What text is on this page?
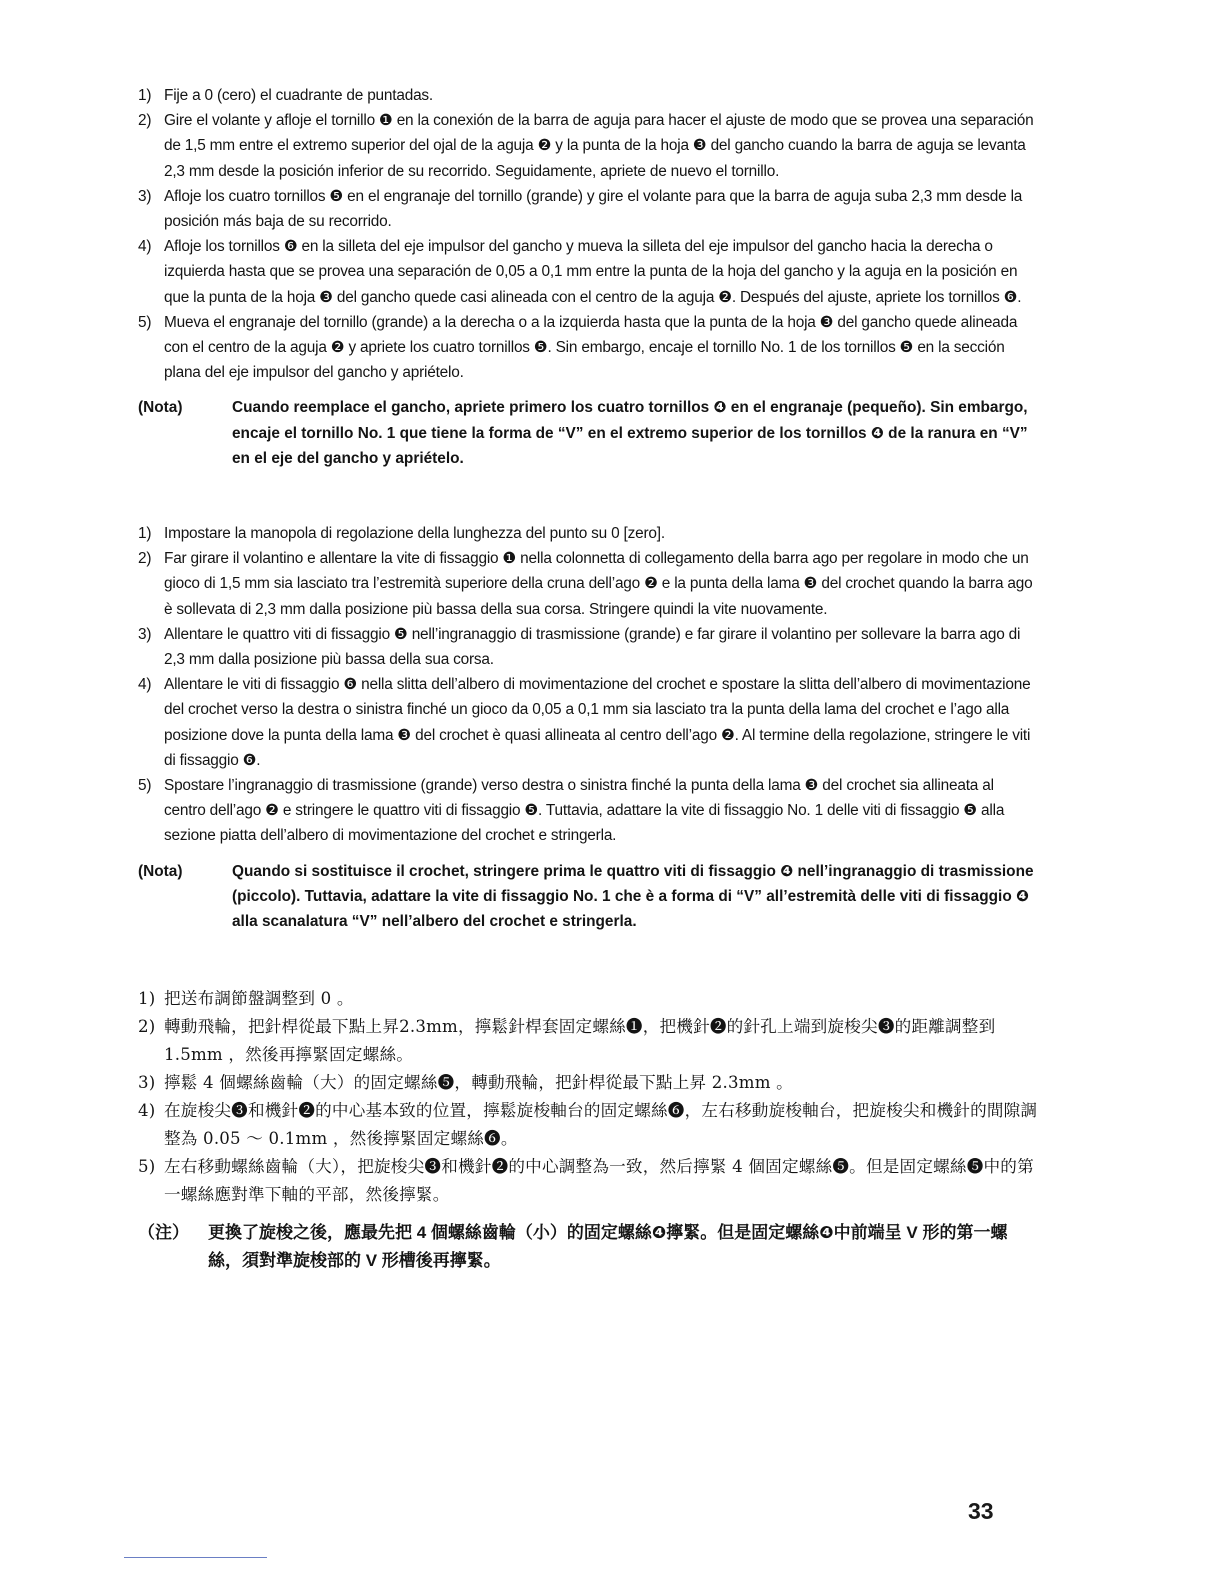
1) Fije a 0 (cero) el cuadrante de puntadas.
2) Gire el volante y afloje el tornillo ❶ en la conexión de la barra de aguja para hacer el ajuste de modo que se provea una separación de 1,5 mm entre el extremo superior del ojal de la aguja ❷ y la punta de la hoja ❸ del gancho cuando la barra de aguja se levanta 2,3 mm desde la posición inferior de su recorrido. Seguidamente, apriete de nuevo el tornillo.
3) Afloje los cuatro tornillos ❺ en el engranaje del tornillo (grande) y gire el volante para que la barra de aguja suba 2,3 mm desde la posición más baja de su recorrido.
4) Afloje los tornillos ❻ en la silleta del eje impulsor del gancho y mueva la silleta del eje impulsor del gancho hacia la derecha o izquierda hasta que se provea una separación de 0,05 a 0,1 mm entre la punta de la hoja del gancho y la aguja en la posición en que la punta de la hoja ❸ del gancho quede casi alineada con el centro de la aguja ❷. Después del ajuste, apriete los tornillos ❻.
5) Mueva el engranaje del tornillo (grande) a la derecha o a la izquierda hasta que la punta de la hoja ❸ del gancho quede alineada con el centro de la aguja ❷ y apriete los cuatro tornillos ❺. Sin embargo, encaje el tornillo No. 1 de los tornillos ❺ en la sección plana del eje impulsor del gancho y apriételo.
(Nota)	Cuando reemplace el gancho, apriete primero los cuatro tornillos ❹ en el engranaje (pequeño). Sin embargo, encaje el tornillo No. 1 que tiene la forma de “V” en el extremo superior de los tornillos ❹ de la ranura en “V” en el eje del gancho y apriételo.
1) Impostare la manopola di regolazione della lunghezza del punto su 0 [zero].
2) Far girare il volantino e allentare la vite di fissaggio ❶ nella colonnetta di collegamento della barra ago per regolare in modo che un gioco di 1,5 mm sia lasciato tra l’estremità superiore della cruna dell’ago ❷ e la punta della lama ❸ del crochet quando la barra ago è sollevata di 2,3 mm dalla posizione più bassa della sua corsa. Stringere quindi la vite nuovamente.
3) Allentare le quattro viti di fissaggio ❺ nell’ingranaggio di trasmissione (grande) e far girare il volantino per sollevare la barra ago di 2,3 mm dalla posizione più bassa della sua corsa.
4) Allentare le viti di fissaggio ❻ nella slitta dell’albero di movimentazione del crochet e spostare la slitta dell’albero di movimentazione del crochet verso la destra o sinistra finché un gioco da 0,05 a 0,1 mm sia lasciato tra la punta della lama del crochet e l’ago alla posizione dove la punta della lama ❸ del crochet è quasi allineata al centro dell’ago ❷. Al termine della regolazione, stringere le viti di fissaggio ❻.
5) Spostare l’ingranaggio di trasmissione (grande) verso destra o sinistra finché la punta della lama ❸ del crochet sia allineata al centro dell’ago ❷ e stringere le quattro viti di fissaggio ❺. Tuttavia, adattare la vite di fissaggio No. 1 delle viti di fissaggio ❺ alla sezione piatta dell’albero di movimentazione del crochet e stringerla.
(Nota)	Quando si sostituisce il crochet, stringere prima le quattro viti di fissaggio ❹ nell’ingranaggio di trasmissione (piccolo). Tuttavia, adattare la vite di fissaggio No. 1 che è a forma di “V” all’estremità delle viti di fissaggio ❹ alla scanalatura “V” nell’albero del crochet e stringerla.
1) 把送布調節盤調整到 0 。
2) 轉動飛輪，把針桿從最下點上昇2.3mm，擰鬆針桿套固定螺絲❶，把機針❷的針孔上端到旋梭尖❸的距離調整到 1.5mm ，然後再擰緊固定螺絲。
3) 擰鬆 4 個螺絲齒輪（大）的固定螺絲❺，轉動飛輪，把針桿從最下點上昇 2.3mm 。
4) 在旋梭尖❸和機針❷的中心基本致的位置，擰鬆旋梭軸台的固定螺絲❻，左右移動旋梭軸台，把旋梭尖和機針的間隙調整為 0.05 ～ 0.1mm ，然後擰緊固定螺絲❻。
5) 左右移動螺絲齒輪（大），把旋梭尖❸和機針❷的中心調整為一致，然后擰緊 4 個固定螺絲❺。但是固定螺絲❺中的第一螺絲應對準下軸的平部，然後擰緊。
（注） 更換了旋梭之後，應最先把 4 個螺絲齒輪（小）的固定螺絲❹擰緊。但是固定螺絲❹中前端呈 V 形的第一螺絲，須對準旋梭部的 V 形槽後再擰緊。
33
